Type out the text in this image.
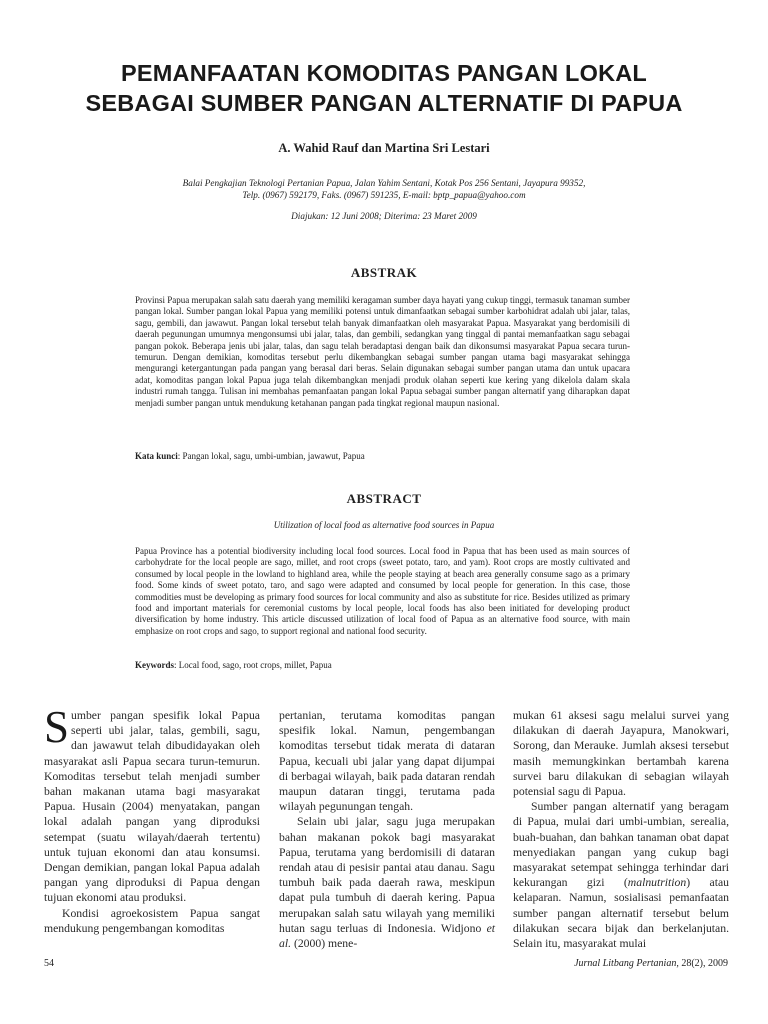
PEMANFAATAN KOMODITAS PANGAN LOKAL
SEBAGAI SUMBER PANGAN ALTERNATIF DI PAPUA
A. Wahid Rauf dan Martina Sri Lestari
Balai Pengkajian Teknologi Pertanian Papua, Jalan Yahim Sentani, Kotak Pos 256 Sentani, Jayapura 99352,
Telp. (0967) 592179, Faks. (0967) 591235, E-mail: bptp_papua@yahoo.com
Diajukan: 12 Juni 2008; Diterima: 23 Maret 2009
ABSTRAK

Provinsi Papua merupakan salah satu daerah yang memiliki keragaman sumber daya hayati yang cukup tinggi, termasuk tanaman sumber pangan lokal. Sumber pangan lokal Papua yang memiliki potensi untuk dimanfaatkan sebagai sumber karbohidrat adalah ubi jalar, talas, sagu, gembili, dan jawawut. Pangan lokal tersebut telah banyak dimanfaatkan oleh masyarakat Papua. Masyarakat yang berdomisili di daerah pegunungan umumnya mengonsumsi ubi jalar, talas, dan gembili, sedangkan yang tinggal di pantai memanfaatkan sagu sebagai pangan pokok. Beberapa jenis ubi jalar, talas, dan sagu telah beradaptasi dengan baik dan dikonsumsi masyarakat Papua secara turun-temurun. Dengan demikian, komoditas tersebut perlu dikembangkan sebagai sumber pangan utama bagi masyarakat sehingga mengurangi ketergantungan pada pangan yang berasal dari beras. Selain digunakan sebagai sumber pangan utama dan untuk upacara adat, komoditas pangan lokal Papua juga telah dikembangkan menjadi produk olahan seperti kue kering yang dikelola dalam skala industri rumah tangga. Tulisan ini membahas pemanfaatan pangan lokal Papua sebagai sumber pangan alternatif yang diharapkan dapat menjadi sumber pangan untuk mendukung ketahanan pangan pada tingkat regional maupun nasional.

Kata kunci: Pangan lokal, sagu, umbi-umbian, jawawut, Papua
ABSTRACT
Utilization of local food as alternative food sources in Papua

Papua Province has a potential biodiversity including local food sources. Local food in Papua that has been used as main sources of carbohydrate for the local people are sago, millet, and root crops (sweet potato, taro, and yam). Root crops are mostly cultivated and consumed by local people in the lowland to highland area, while the people staying at beach area generally consume sago as a primary food. Some kinds of sweet potato, taro, and sago were adapted and consumed by local people for generation. In this case, those commodities must be developing as primary food sources for local community and also as substitute for rice. Besides utilized as primary food and important materials for ceremonial customs by local people, local foods has also been initiated for developing product diversification by home industry. This article discussed utilization of local food of Papua as an alternative food source, with main emphasize on root crops and sago, to support regional and national food security.

Keywords: Local food, sago, root crops, millet, Papua

Sumber pangan spesifik lokal Papua seperti ubi jalar, talas, gembili, sagu, dan jawawut telah dibudidayakan oleh masyarakat asli Papua secara turun-temurun. Komoditas tersebut telah menjadi sumber bahan makanan utama bagi masyarakat Papua. Husain (2004) menyatakan, pangan lokal adalah pangan yang diproduksi setempat (suatu wilayah/daerah tertentu) untuk tujuan ekonomi dan atau konsumsi. Dengan demikian, pangan lokal Papua adalah pangan yang diproduksi di Papua dengan tujuan ekonomi atau produksi.

Kondisi agroekosistem Papua sangat mendukung pengembangan komoditas

pertanian, terutama komoditas pangan spesifik lokal. Namun, pengembangan komoditas tersebut tidak merata di dataran Papua, kecuali ubi jalar yang dapat dijumpai di berbagai wilayah, baik pada dataran rendah maupun dataran tinggi, terutama pada wilayah pegunungan tengah.

Selain ubi jalar, sagu juga merupakan bahan makanan pokok bagi masyarakat Papua, terutama yang berdomisili di dataran rendah atau di pesisir pantai atau danau. Sagu tumbuh baik pada daerah rawa, meskipun dapat pula tumbuh di daerah kering. Papua merupakan salah satu wilayah yang memiliki hutan sagu terluas di Indonesia. Widjono et al. (2000) mene-

mukan 61 aksesi sagu melalui survei yang dilakukan di daerah Jayapura, Manokwari, Sorong, dan Merauke. Jumlah aksesi tersebut masih memungkinkan bertambah karena survei baru dilakukan di sebagian wilayah potensial sagu di Papua.

Sumber pangan alternatif yang beragam di Papua, mulai dari umbi-umbian, serealia, buah-buahan, dan bahkan tanaman obat dapat menyediakan pangan yang cukup bagi masyarakat setempat sehingga terhindar dari kekurangan gizi (malnutrition) atau kelaparan. Namun, sosialisasi pemanfaatan sumber pangan alternatif tersebut belum dilakukan secara bijak dan berkelanjutan. Selain itu, masyarakat mulai

54	Jurnal Litbang Pertanian, 28(2), 2009
